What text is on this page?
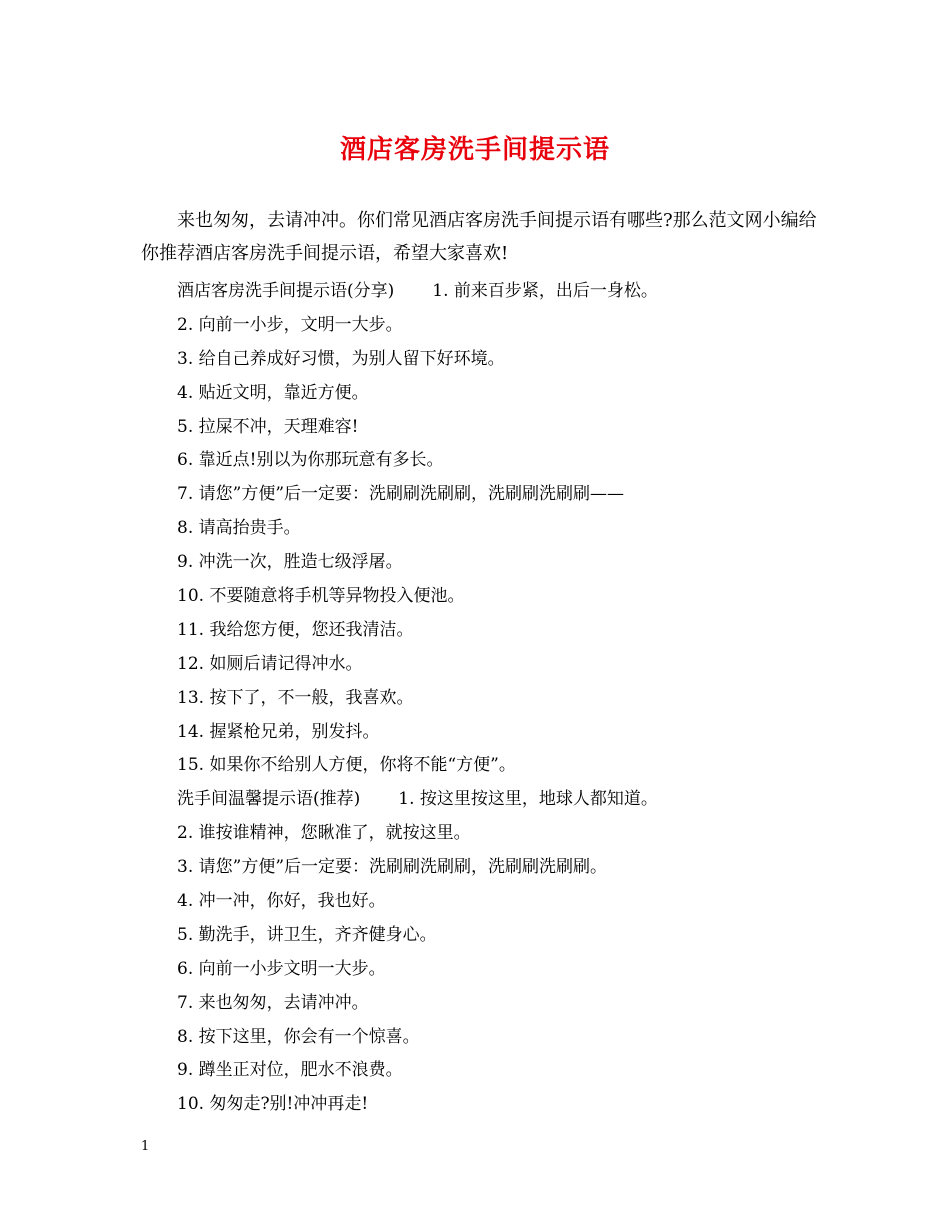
酒店客房洗手间提示语

来也匆匆，去请冲冲。你们常见酒店客房洗手间提示语有哪些?那么范文网小编给你推荐酒店客房洗手间提示语，希望大家喜欢!

酒店客房洗手间提示语(分享) 1. 前来百步紧，出后一身松。
2. 向前一小步，文明一大步。
3. 给自己养成好习惯，为别人留下好环境。
4. 贴近文明，靠近方便。
5. 拉屎不冲，天理难容!
6. 靠近点!别以为你那玩意有多长。
7. 请您”方便”后一定要：洗刷刷洗刷刷，洗刷刷洗刷刷——
8. 请高抬贵手。
9. 冲洗一次，胜造七级浮屠。
10. 不要随意将手机等异物投入便池。
11. 我给您方便，您还我清洁。
12. 如厕后请记得冲水。
13. 按下了，不一般，我喜欢。
14. 握紧枪兄弟，别发抖。
15. 如果你不给别人方便，你将不能“方便”。
洗手间温馨提示语(推荐) 1. 按这里按这里，地球人都知道。
2. 谁按谁精神，您瞅准了，就按这里。
3. 请您”方便”后一定要：洗刷刷洗刷刷，洗刷刷洗刷刷。
4. 冲一冲，你好，我也好。
5. 勤洗手，讲卫生，齐齐健身心。
6. 向前一小步文明一大步。
7. 来也匆匆，去请冲冲。
8. 按下这里，你会有一个惊喜。
9. 蹲坐正对位，肥水不浪费。
10. 匆匆走?别!冲冲再走!
1
